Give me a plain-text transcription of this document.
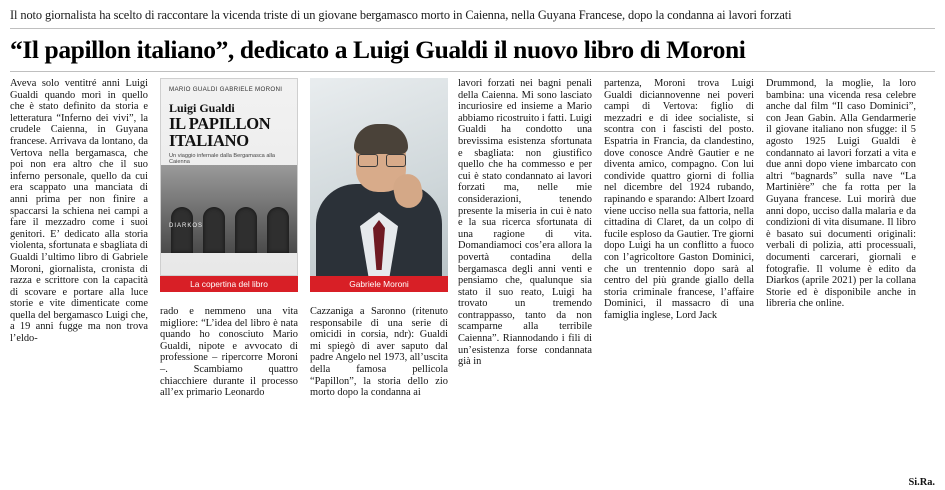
Il noto giornalista ha scelto di raccontare la vicenda triste di un giovane bergamasco morto in Caienna, nella Guyana Francese, dopo la condanna ai lavori forzati
“Il papillon italiano”, dedicato a Luigi Gualdi il nuovo libro di Moroni
Aveva solo ventitré anni Luigi Gualdi quando morì in quello che è stato definito da storia e letteratura “Inferno dei vivi”, la crudele Caienna, in Guyana francese. Arrivava da lontano, da Vertova nella bergamasca, che poi non era altro che il suo inferno personale, quello da cui era scappato una manciata di anni prima per non finire a spaccarsi la schiena nei campi a fare il mezzadro come i suoi genitori. E’ dedicato alla storia violenta, sfortunata e sbagliata di Gualdi l’ultimo libro di Gabriele Moroni, giornalista, cronista di razza e scrittore con la capacità di scovare e portare alla luce storie e vite dimenticate come quella del bergamasco Luigi che, a 19 anni fugge ma non trova l’eldo-
MARIO GUALDI GABRIELE MORONI
Luigi Gualdi
IL PAPILLON ITALIANO
Un viaggio infernale dalla Bergamasca alla Caienna
DIARKOS
La copertina del libro	Gabriele Moroni
rado e nemmeno una vita migliore: “L’idea del libro è nata quando ho conosciuto Mario Gualdi, nipote e avvocato di professione – ripercorre Moroni –. Scambiamo quattro chiacchiere durante il processo all’ex primario Leonardo
Cazzaniga a Saronno (ritenuto responsabile di una serie di omicidi in corsia, ndr): Gualdi mi spiegò di aver saputo dal padre Angelo nel 1973, all’uscita della famosa pellicola “Papillon”, la storia dello zio morto dopo la condanna ai
lavori forzati nei bagni penali della Caienna. Mi sono lasciato incuriosire ed insieme a Mario abbiamo ricostruito i fatti. Luigi Gualdi ha condotto una brevissima esistenza sfortunata e sbagliata: non giustifico quello che ha commesso e per cui è stato condannato ai lavori forzati ma, nelle mie considerazioni, tenendo presente la miseria in cui è nato e la sua ricerca sfortunata di una ragione di vita. Domandiamoci cos’era allora la povertà contadina della bergamasca degli anni venti e pensiamo che, qualunque sia stato il suo reato, Luigi ha trovato un tremendo contrappasso, tanto da non scamparne alla terribile Caienna”. Riannodando i fili di un’esistenza forse condannata già in
partenza, Moroni trova Luigi Gualdi diciannovenne nei poveri campi di Vertova: figlio di mezzadri e di idee socialiste, si scontra con i fascisti del posto. Espatria in Francia, da clandestino, dove conosce Andrè Gautier e ne diventa amico, compagno. Con lui condivide quattro giorni di follia nel dicembre del 1924 rubando, rapinando e sparando: Albert Izoard viene ucciso nella sua fattoria, nella cittadina di Claret, da un colpo di fucile esploso da Gautier. Tre giorni dopo Luigi ha un conflitto a fuoco con l’agricoltore Gaston Dominici, che un trentennio dopo sarà al centro del più grande giallo della storia criminale francese, l’affaire Dominici, il massacro di una famiglia inglese, Lord Jack
Drummond, la moglie, la loro bambina: una vicenda resa celebre anche dal film “Il caso Dominici”, con Jean Gabin. Alla Gendarmerie il giovane italiano non sfugge: il 5 agosto 1925 Luigi Gualdi è condannato ai lavori forzati a vita e due anni dopo viene imbarcato con altri “bagnards” sulla nave “La Martinière” che fa rotta per la Guyana francese. Lui morirà due anni dopo, ucciso dalla malaria e da condizioni di vita disumane. Il libro è basato sui documenti originali: verbali di polizia, atti processuali, documenti carcerari, giornali e fotografie. Il volume è edito da Diarkos (aprile 2021) per la collana Storie ed è disponibile anche in libreria che online.
Si.Ra.
